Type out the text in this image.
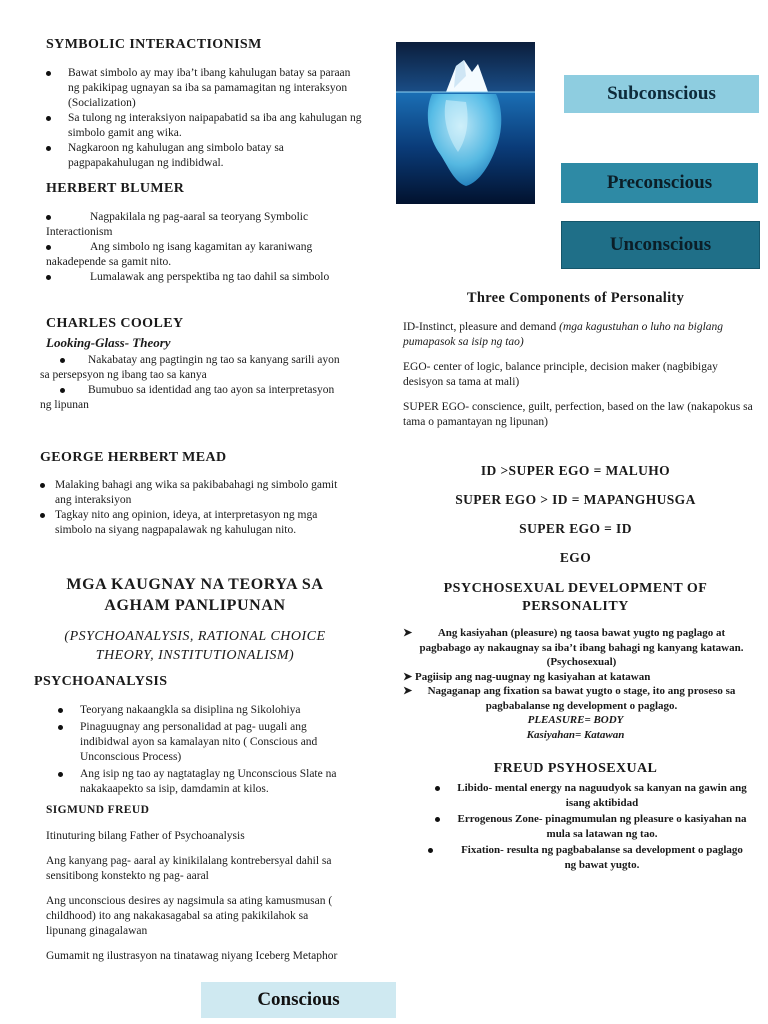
SYMBOLIC INTERACTIONISM
Bawat simbolo ay may iba’t ibang kahulugan batay sa paraan ng pakikipag ugnayan sa iba sa pamamagitan ng interaksyon (Socialization)
Sa tulong ng interaksiyon naipapabatid sa iba ang kahulugan ng simbolo gamit ang wika.
Nagkaroon ng kahulugan ang simbolo batay sa pagpapakahulugan ng indibidwal.
HERBERT BLUMER
Nagpakilala ng pag-aaral sa teoryang Symbolic Interactionism
Ang simbolo ng isang kagamitan ay karaniwang nakadepende sa gamit nito.
Lumalawak ang perspektiba ng tao dahil sa simbolo
CHARLES COOLEY
Looking-Glass- Theory
Nakabatay ang pagtingin ng tao sa kanyang sarili ayon sa persepsyon ng ibang tao sa kanya
Bumubuo sa identidad ang tao ayon sa interpretasyon ng lipunan
GEORGE HERBERT MEAD
Malaking bahagi ang wika sa pakibabahagi ng simbolo gamit ang interaksiyon
Tagkay nito ang opinion, ideya, at interpretasyon ng mga simbolo na siyang nagpapalawak ng kahulugan nito.
MGA KAUGNAY NA TEORYA SA
AGHAM PANLIPUNAN
(PSYCHOANALYSIS, RATIONAL CHOICE
THEORY, INSTITUTIONALISM)
PSYCHOANALYSIS
Teoryang nakaangkla sa disiplina ng Sikolohiya
Pinaguugnay ang personalidad at pag- uugali ang indibidwal ayon sa kamalayan nito ( Conscious and Unconscious Process)
Ang isip ng tao ay nagtataglay ng Unconscious Slate na nakakaapekto sa isip, damdamin at kilos.
SIGMUND FREUD
Itinuturing bilang Father of Psychoanalysis
Ang kanyang pag- aaral ay kinikilalang kontrebersyal dahil sa sensitibong konstekto ng pag- aaral
Ang unconscious desires ay nagsimula sa ating kamusmusan ( childhood) ito ang nakakasagabal sa ating pakikilahok sa lipunang ginagalawan
Gumamit ng ilustrasyon na tinatawag niyang Iceberg Metaphor
Conscious
Subconscious
Preconscious
Unconscious
Three Components of Personality
ID-Instinct, pleasure and demand (mga kagustuhan o luho na biglang pumapasok sa isip ng tao)
EGO- center of logic, balance principle, decision maker (nagbibigay desisyon sa tama at mali)
SUPER EGO- conscience, guilt, perfection, based on the law (nakapokus sa tama o pamantayan ng lipunan)
ID >SUPER EGO = MALUHO
SUPER EGO > ID = MAPANGHUSGA
SUPER EGO = ID
EGO
PSYCHOSEXUAL DEVELOPMENT OF
PERSONALITY
➤	Ang kasiyahan (pleasure) ng taosa bawat yugto ng paglago at pagbabago ay nakaugnay sa iba’t ibang bahagi ng kanyang katawan. (Psychosexual)
➤ Pagiisip ang nag-uugnay ng kasiyahan at katawan
➤	Nagaganap ang fixation sa bawat yugto o stage, ito ang proseso sa pagbabalanse ng development o paglago.
PLEASURE= BODY
Kasiyahan= Katawan
FREUD PSYHOSEXUAL
Libido- mental energy na naguudyok sa kanyan na gawin ang isang aktibidad
Errogenous Zone- pinagmumulan ng pleasure o kasiyahan na mula sa latawan ng tao.
Fixation- resulta ng pagbabalanse sa development o paglago ng bawat yugto.
